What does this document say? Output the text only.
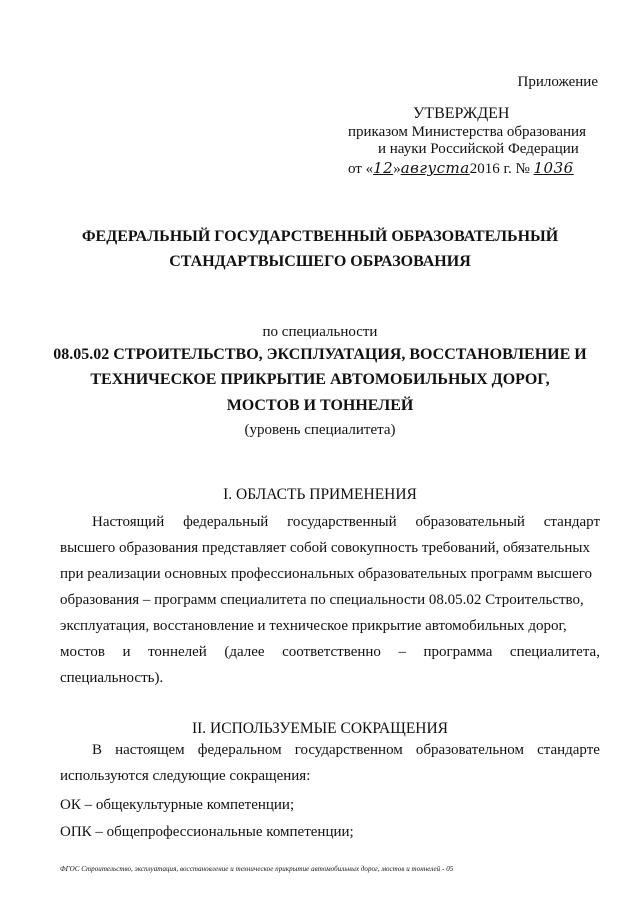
Приложение
УТВЕРЖДЕН
приказом Министерства образования
и науки Российской Федерации
от «12»августа2016 г. № 1036
ФЕДЕРАЛЬНЫЙ ГОСУДАРСТВЕННЫЙ ОБРАЗОВАТЕЛЬНЫЙ
СТАНДАРТВЫСШЕГО ОБРАЗОВАНИЯ
по специальности
08.05.02 СТРОИТЕЛЬСТВО, ЭКСПЛУАТАЦИЯ, ВОССТАНОВЛЕНИЕ И
ТЕХНИЧЕСКОЕ ПРИКРЫТИЕ АВТОМОБИЛЬНЫХ ДОРОГ,
МОСТОВ И ТОННЕЛЕЙ
(уровень специалитета)
I. ОБЛАСТЬ ПРИМЕНЕНИЯ
Настоящий федеральный государственный образовательный стандарт
высшего образования представляет собой совокупность требований, обязательных
при реализации основных профессиональных образовательных программ высшего
образования – программ специалитета по специальности 08.05.02 Строительство,
эксплуатация, восстановление и техническое прикрытие автомобильных дорог,
мостов и тоннелей (далее соответственно – программа специалитета,
специальность).
II. ИСПОЛЬЗУЕМЫЕ СОКРАЩЕНИЯ
В настоящем федеральном государственном образовательном стандарте
используются следующие сокращения:
ОК – общекультурные компетенции;
ОПК – общепрофессиональные компетенции;
ФГОС Строительство, эксплуатация, восстановление и техническое прикрытие автомобильных дорог, мостов и тоннелей - 05
